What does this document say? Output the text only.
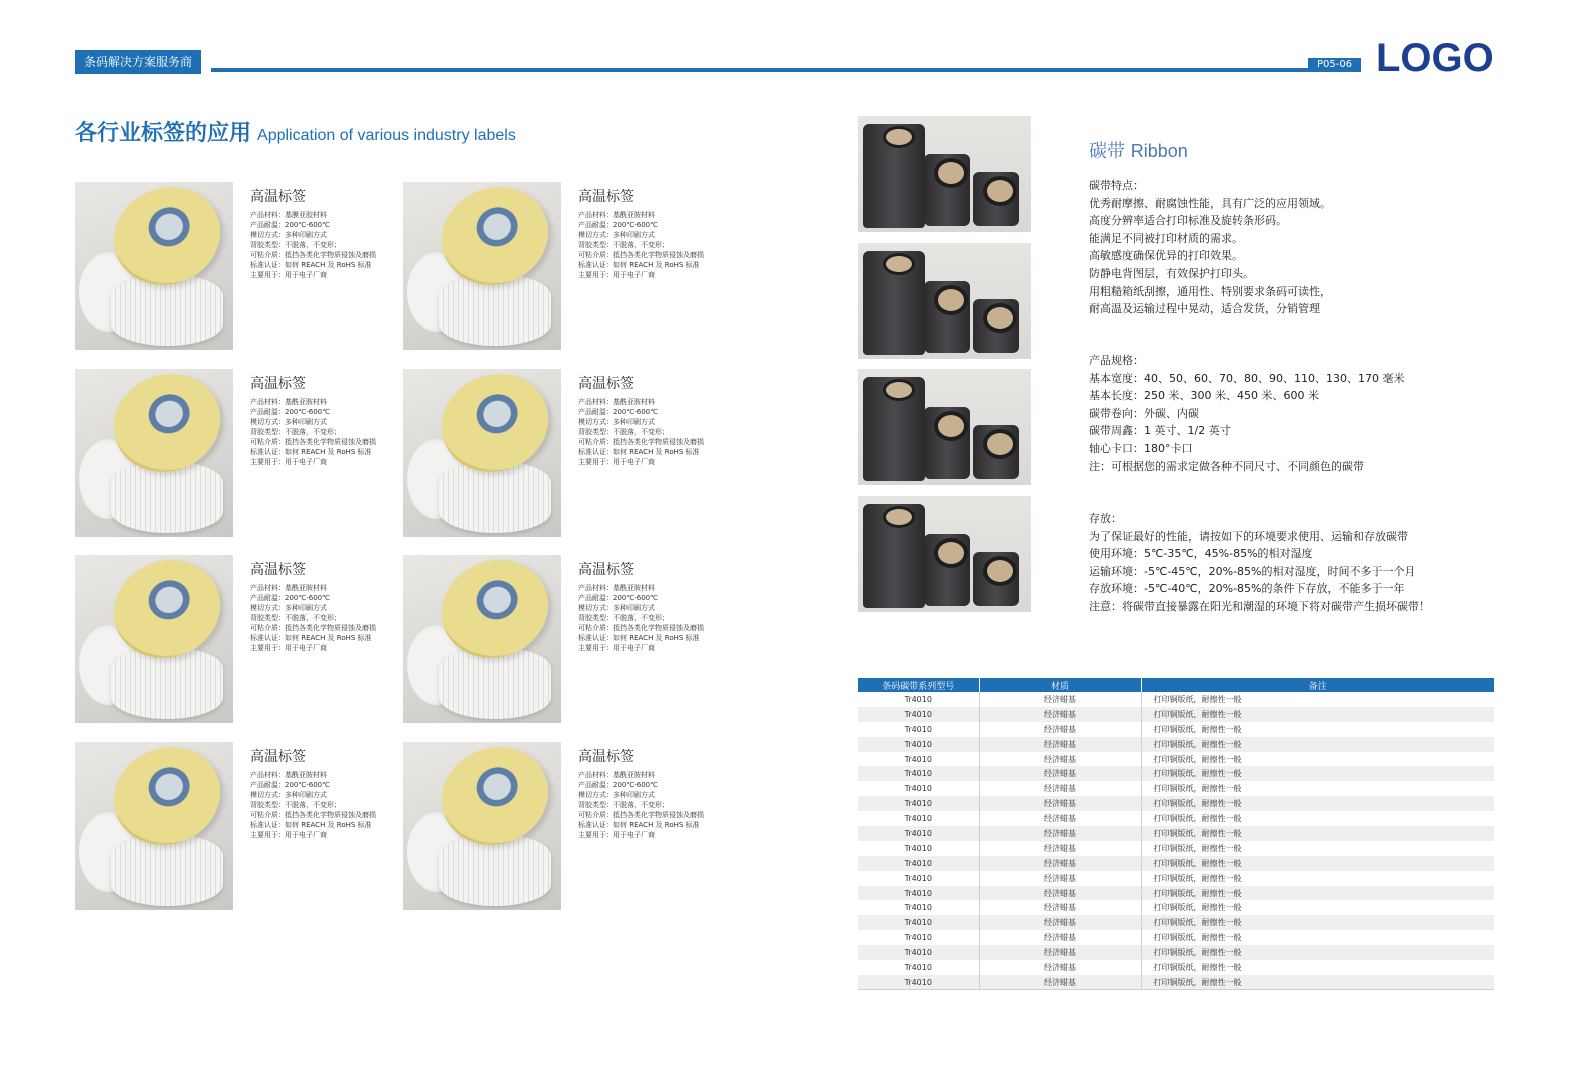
条码解决方案服务商	P05-06 LOGO
各行业标签的应用 Application of various industry labels
高温标签
产品材料：基膜亚胶材料
产品耐温：200℃-600℃
模切方式：多种印刷方式
背胶类型：不脱落，不变形；
可粘介质：抵挡各类化学物质侵蚀及磨损
标准认证：如何 REACH 及 RoHS 标准
主要用于：用于电子厂商
高温标签
产品材料：基酰亚胺材料
产品耐温：200℃-600℃
模切方式：多种印刷方式
背胶类型：不脱落，不变形；
可粘介质：抵挡各类化学物质侵蚀及磨损
标准认证：如何 REACH 及 RoHS 标准
主要用于：用于电子厂商
高温标签
产品材料：基酰亚胺材料
产品耐温：200℃-600℃
模切方式：多种印刷方式
背胶类型：不脱落，不变形；
可粘介质：抵挡各类化学物质侵蚀及磨损
标准认证：如何 REACH 及 RoHS 标准
主要用于：用于电子厂商
高温标签
产品材料：基酰亚胺材料
产品耐温：200℃-600℃
模切方式：多种印刷方式
背胶类型：不脱落，不变形；
可粘介质：抵挡各类化学物质侵蚀及磨损
标准认证：如何 REACH 及 RoHS 标准
主要用于：用于电子厂商
高温标签
产品材料：基酰亚胺材料
产品耐温：200℃-600℃
模切方式：多种印刷方式
背胶类型：不脱落，不变形；
可粘介质：抵挡各类化学物质侵蚀及磨损
标准认证：如何 REACH 及 RoHS 标准
主要用于：用于电子厂商
高温标签
产品材料：基酰亚胺材料
产品耐温：200℃-600℃
模切方式：多种印刷方式
背胶类型：不脱落，不变形；
可粘介质：抵挡各类化学物质侵蚀及磨损
标准认证：如何 REACH 及 RoHS 标准
主要用于：用于电子厂商
高温标签
产品材料：基酰亚胺材料
产品耐温：200℃-600℃
模切方式：多种印刷方式
背胶类型：不脱落，不变形；
可粘介质：抵挡各类化学物质侵蚀及磨损
标准认证：如何 REACH 及 RoHS 标准
主要用于：用于电子厂商
高温标签
产品材料：基酰亚胺材料
产品耐温：200℃-600℃
模切方式：多种印刷方式
背胶类型：不脱落，不变形；
可粘介质：抵挡各类化学物质侵蚀及磨损
标准认证：如何 REACH 及 RoHS 标准
主要用于：用于电子厂商
碳带 Ribbon
碳带特点：
优秀耐摩擦、耐腐蚀性能，具有广泛的应用领域。
高度分辨率适合打印标准及旋转条形码。
能满足不同被打印材质的需求。
高敏感度确保优异的打印效果。
防静电背图层，有效保护打印头。
用粗糙箱纸刮擦，通用性、特别要求条码可读性，
耐高温及运输过程中晃动，适合发货，分销管理
产品规格：
基本宽度：40、50、60、70、80、90、110、130、170 毫米
基本长度：250 米、300 米、450 米、600 米
碳带卷向：外碳、内碳
碳带周鑫：1 英寸、1/2 英寸
轴心卡口：180°卡口
注：可根据您的需求定做各种不同尺寸、不同颜色的碳带
存放：
为了保证最好的性能，请按如下的环境要求使用、运输和存放碳带
使用环境：5℃-35℃，45%-85%的相对湿度
运输环境：-5℃-45℃，20%-85%的相对湿度，时间不多于一个月
存放环境：-5℃-40℃，20%-85%的条件下存放，不能多于一年
注意：将碳带直接暴露在阳光和潮湿的环境下将对碳带产生损坏碳带！
条码碳带系列型号	材质	备注
Tr4010	经济蜡基	打印铜版纸，耐擦性一般
Tr4010	经济蜡基	打印铜版纸，耐擦性一般
Tr4010	经济蜡基	打印铜版纸，耐擦性一般
Tr4010	经济蜡基	打印铜版纸，耐擦性一般
Tr4010	经济蜡基	打印铜版纸，耐擦性一般
Tr4010	经济蜡基	打印铜版纸，耐擦性一般
Tr4010	经济蜡基	打印铜版纸，耐擦性一般
Tr4010	经济蜡基	打印铜版纸，耐擦性一般
Tr4010	经济蜡基	打印铜版纸，耐擦性一般
Tr4010	经济蜡基	打印铜版纸，耐擦性一般
Tr4010	经济蜡基	打印铜版纸，耐擦性一般
Tr4010	经济蜡基	打印铜版纸，耐擦性一般
Tr4010	经济蜡基	打印铜版纸，耐擦性一般
Tr4010	经济蜡基	打印铜版纸，耐擦性一般
Tr4010	经济蜡基	打印铜版纸，耐擦性一般
Tr4010	经济蜡基	打印铜版纸，耐擦性一般
Tr4010	经济蜡基	打印铜版纸，耐擦性一般
Tr4010	经济蜡基	打印铜版纸，耐擦性一般
Tr4010	经济蜡基	打印铜版纸，耐擦性一般
Tr4010	经济蜡基	打印铜版纸，耐擦性一般
